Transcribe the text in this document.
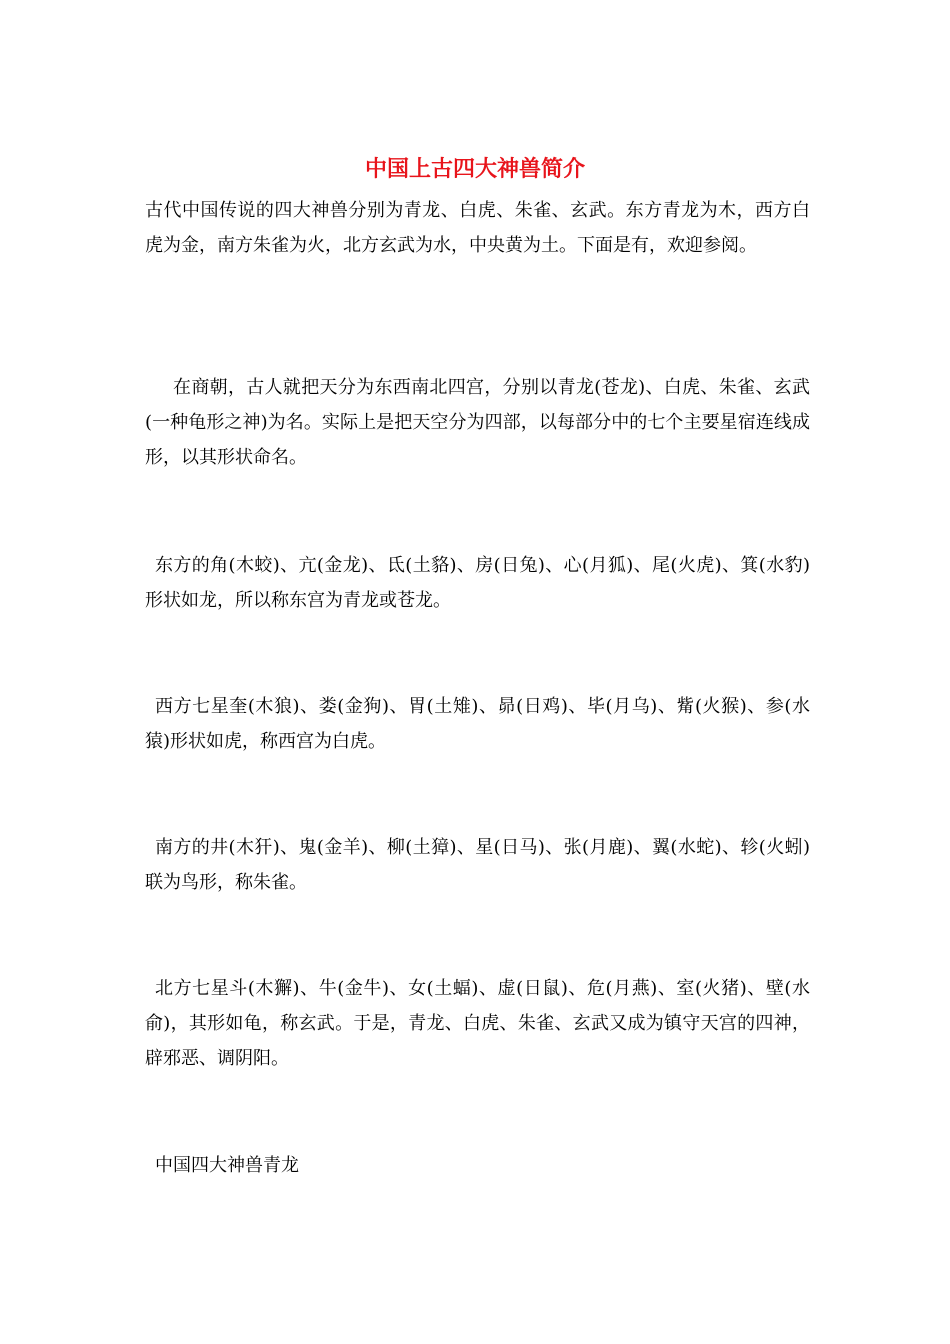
中国上古四大神兽简介

古代中国传说的四大神兽分别为青龙、白虎、朱雀、玄武。东方青龙为木，西方白虎为金，南方朱雀为火，北方玄武为水，中央黄为土。下面是有，欢迎参阅。

在商朝，古人就把天分为东西南北四宫，分别以青龙(苍龙)、白虎、朱雀、玄武(一种龟形之神)为名。实际上是把天空分为四部，以每部分中的七个主要星宿连线成形，以其形状命名。

东方的角(木蛟)、亢(金龙)、氐(土貉)、房(日兔)、心(月狐)、尾(火虎)、箕(水豹)形状如龙，所以称东宫为青龙或苍龙。

西方七星奎(木狼)、娄(金狗)、胃(土雉)、昴(日鸡)、毕(月乌)、觜(火猴)、参(水猿)形状如虎，称西宫为白虎。

南方的井(木犴)、鬼(金羊)、柳(土獐)、星(日马)、张(月鹿)、翼(水蛇)、轸(火蚓)联为鸟形，称朱雀。

北方七星斗(木獬)、牛(金牛)、女(土蝠)、虚(日鼠)、危(月燕)、室(火猪)、壁(水俞)，其形如龟，称玄武。于是，青龙、白虎、朱雀、玄武又成为镇守天宫的四神，辟邪恶、调阴阳。

中国四大神兽青龙
